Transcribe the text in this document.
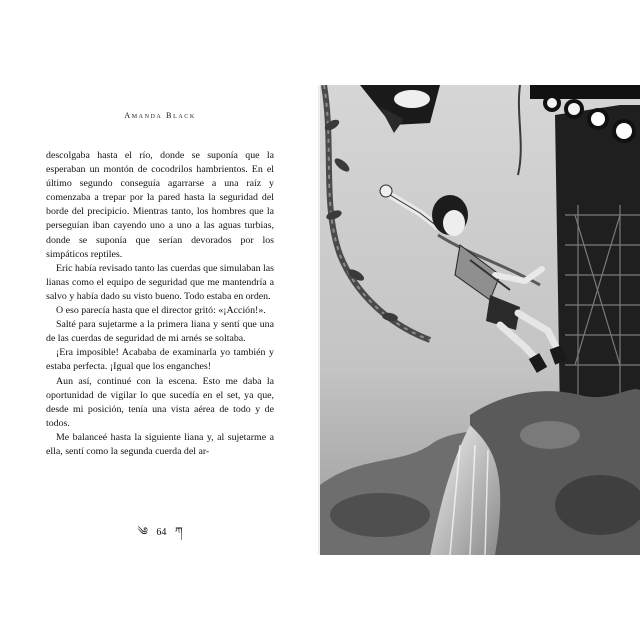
Amanda Black

descolgaba hasta el río, donde se suponía que la esperaban un montón de cocodrilos hambrientos. En el último segundo conseguía agarrarse a una raíz y comenzaba a trepar por la pared hasta la seguridad del borde del precipicio. Mientras tanto, los hombres que la perseguían iban cayendo uno a uno a las aguas turbias, donde se suponía que serían devorados por los simpáticos reptiles.

Eric había revisado tanto las cuerdas que simulaban las lianas como el equipo de seguridad que me mantendría a salvo y había dado su visto bueno. Todo estaba en orden.

O eso parecía hasta que el director gritó: «¡Acción!».

Salté para sujetarme a la primera liana y sentí que una de las cuerdas de seguridad de mi arnés se soltaba.

¡Era imposible! Acababa de examinarla yo también y estaba perfecta. ¡Igual que los enganches!

Aun así, continué con la escena. Esto me daba la oportunidad de vigilar lo que sucedía en el set, ya que, desde mi posición, tenía una vista aérea de todo y de todos.

Me balanceé hasta la siguiente liana y, al sujetarme a ella, sentí como la segunda cuerda del ar-

༄ 64 ཀ
